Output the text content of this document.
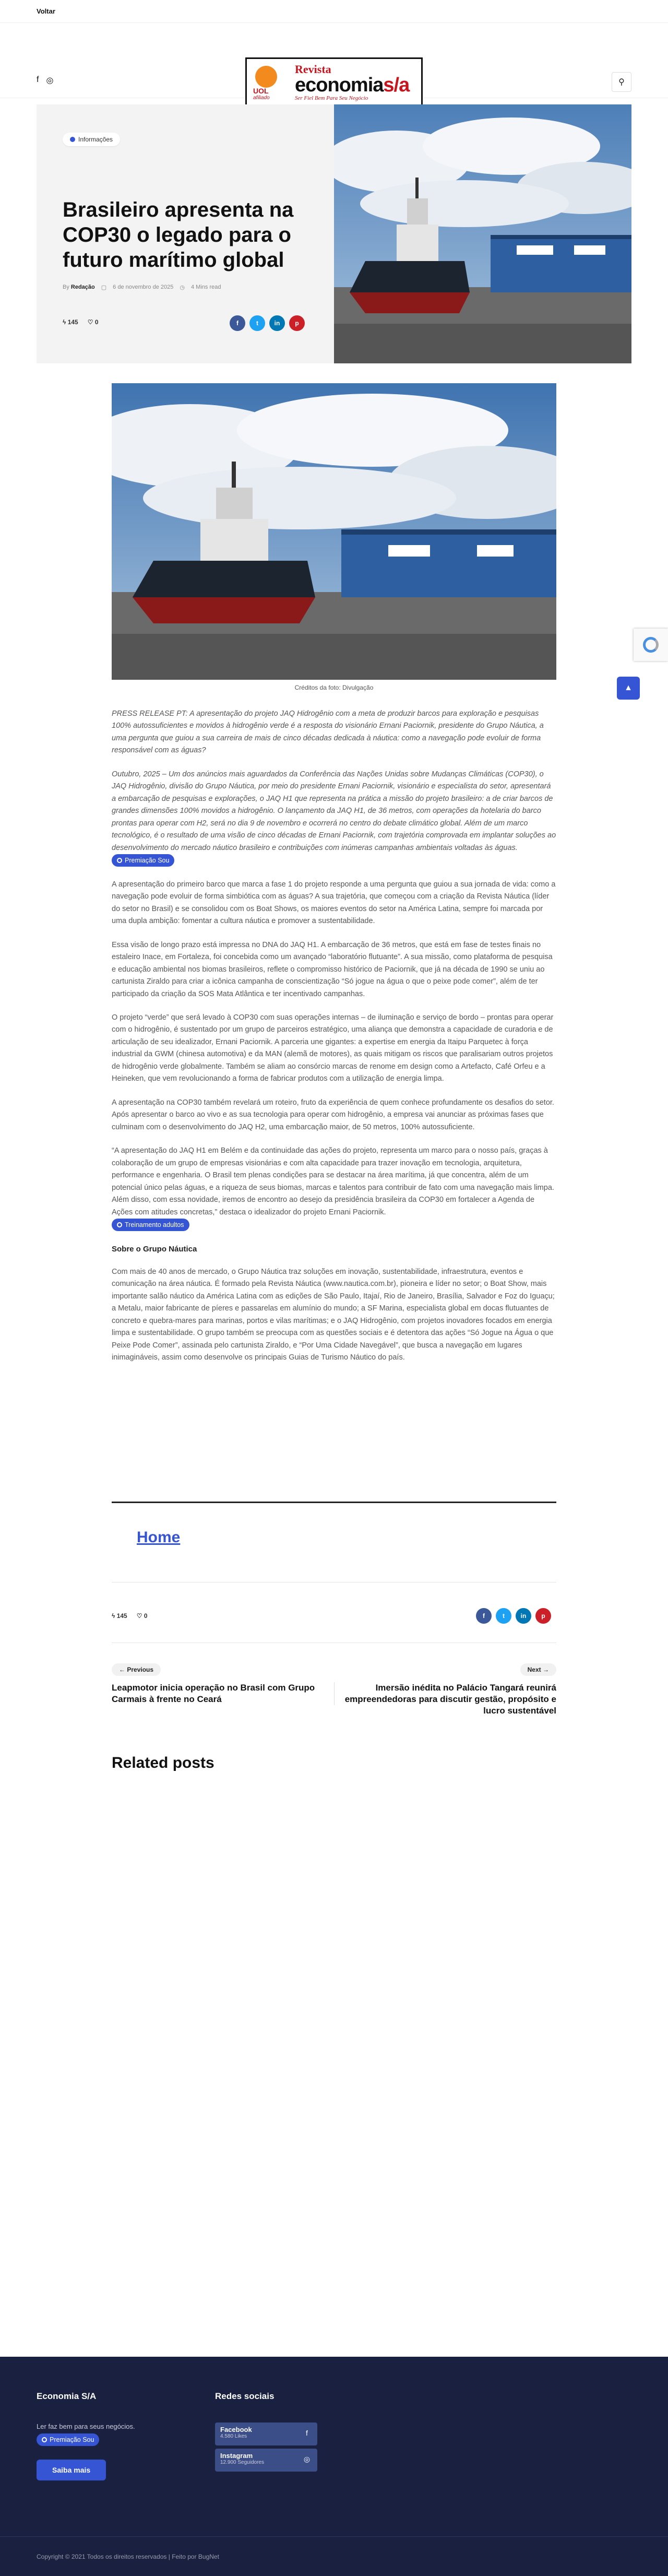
Voltar
f ◎
UOL
afiliado
Revista
economias/a
Ser Fiel Bem Para Seu Negócio
⚲
Informações
Brasileiro apresenta na COP30 o legado para o futuro marítimo global
By Redação ▢ 6 de novembro de 2025 ◷ 4 Mins read
ϟ 145 ♡ 0	f	t	in	p
Créditos da foto: Divulgação

PRESS RELEASE PT: A apresentação do projeto JAQ Hidrogênio com a meta de produzir barcos para exploração e pesquisas 100% autossuficientes e movidos à hidrogênio verde é a resposta do visionário Ernani Paciornik, presidente do Grupo Náutica, a uma pergunta que guiou a sua carreira de mais de cinco décadas dedicada à náutica: como a navegação pode evoluir de forma responsável com as águas?

Outubro, 2025 – Um dos anúncios mais aguardados da Conferência das Nações Unidas sobre Mudanças Climáticas (COP30), o JAQ Hidrogênio, divisão do Grupo Náutica, por meio do presidente Ernani Paciornik, visionário e especialista do setor, apresentará a embarcação de pesquisas e explorações, o JAQ H1 que representa na prática a missão do projeto brasileiro: a de criar barcos de grandes dimensões 100% movidos a hidrogênio. O lançamento da JAQ H1, de 36 metros, com operações da hotelaria do barco prontas para operar com H2, será no dia 9 de novembro e ocorrerá no centro do debate climático global. Além de um marco tecnológico, é o resultado de uma visão de cinco décadas de Ernani Paciornik, com trajetória comprovada em implantar soluções ao desenvolvimento do mercado náutico brasileiro e contribuições com inúmeras campanhas ambientais voltadas às águas.
Premiação Sou

A apresentação do primeiro barco que marca a fase 1 do projeto responde a uma pergunta que guiou a sua jornada de vida: como a navegação pode evoluir de forma simbiótica com as águas? A sua trajetória, que começou com a criação da Revista Náutica (líder do setor no Brasil) e se consolidou com os Boat Shows, os maiores eventos do setor na América Latina, sempre foi marcada por uma dupla ambição: fomentar a cultura náutica e promover a sustentabilidade.

Essa visão de longo prazo está impressa no DNA do JAQ H1. A embarcação de 36 metros, que está em fase de testes finais no estaleiro Inace, em Fortaleza, foi concebida como um avançado “laboratório flutuante”. A sua missão, como plataforma de pesquisa e educação ambiental nos biomas brasileiros, reflete o compromisso histórico de Paciornik, que já na década de 1990 se uniu ao cartunista Ziraldo para criar a icônica campanha de conscientização “Só jogue na água o que o peixe pode comer”, além de ter participado da criação da SOS Mata Atlântica e ter incentivado campanhas.

O projeto “verde” que será levado à COP30 com suas operações internas – de iluminação e serviço de bordo – prontas para operar com o hidrogênio, é sustentado por um grupo de parceiros estratégico, uma aliança que demonstra a capacidade de curadoria e de articulação de seu idealizador, Ernani Paciornik. A parceria une gigantes: a expertise em energia da Itaipu Parquetec à força industrial da GWM (chinesa automotiva) e da MAN (alemã de motores), as quais mitigam os riscos que paralisariam outros projetos de hidrogênio verde globalmente. Também se aliam ao consórcio marcas de renome em design como a Artefacto, Café Orfeu e a Heineken, que vem revolucionando a forma de fabricar produtos com a utilização de energia limpa.

A apresentação na COP30 também revelará um roteiro, fruto da experiência de quem conhece profundamente os desafios do setor. Após apresentar o barco ao vivo e as sua tecnologia para operar com hidrogênio, a empresa vai anunciar as próximas fases que culminam com o desenvolvimento do JAQ H2, uma embarcação maior, de 50 metros, 100% autossuficiente.

“A apresentação do JAQ H1 em Belém e da continuidade das ações do projeto, representa um marco para o nosso país, graças à colaboração de um grupo de empresas visionárias e com alta capacidade para trazer inovação em tecnologia, arquitetura, performance e engenharia. O Brasil tem plenas condições para se destacar na área marítima, já que concentra, além de um potencial único pelas águas, e a riqueza de seus biomas, marcas e talentos para contribuir de fato com uma navegação mais limpa. Além disso, com essa novidade, iremos de encontro ao desejo da presidência brasileira da COP30 em fortalecer a Agenda de Ações com atitudes concretas,” destaca o idealizador do projeto Ernani Paciornik.

Treinamento adultos

Sobre o Grupo Náutica

Com mais de 40 anos de mercado, o Grupo Náutica traz soluções em inovação, sustentabilidade, infraestrutura, eventos e comunicação na área náutica. É formado pela Revista Náutica (www.nautica.com.br), pioneira e líder no setor; o Boat Show, mais importante salão náutico da América Latina com as edições de São Paulo, Itajaí, Rio de Janeiro, Brasília, Salvador e Foz do Iguaçu; a Metalu, maior fabricante de píeres e passarelas em alumínio do mundo; a SF Marina, especialista global em docas flutuantes de concreto e quebra-mares para marinas, portos e vilas marítimas; e o JAQ Hidrogênio, com projetos inovadores focados em energia limpa e sustentabilidade. O grupo também se preocupa com as questões sociais e é detentora das ações “Só Jogue na Água o que Peixe Pode Comer”, assinada pelo cartunista Ziraldo, e “Por Uma Cidade Navegável”, que busca a navegação em lugares inimagináveis, assim como desenvolve os principais Guias de Turismo Náutico do país.

Home
ϟ 145 ♡ 0	f	t	in	p
← Previous	Next →
Leapmotor inicia operação no Brasil com Grupo Carmais à frente no Ceará
Imersão inédita no Palácio Tangará reunirá empreendedoras para discutir gestão, propósito e lucro sustentável
Related posts
▲
Economia S/A
Ler faz bem para seus negócios.
Premiação Sou

Saiba mais
Redes sociais
Facebook
4.580 Likes	f
Instagram
12.900 Seguidores	◎
Copyright © 2021 Todos os direitos reservados | Feito por BugNet
